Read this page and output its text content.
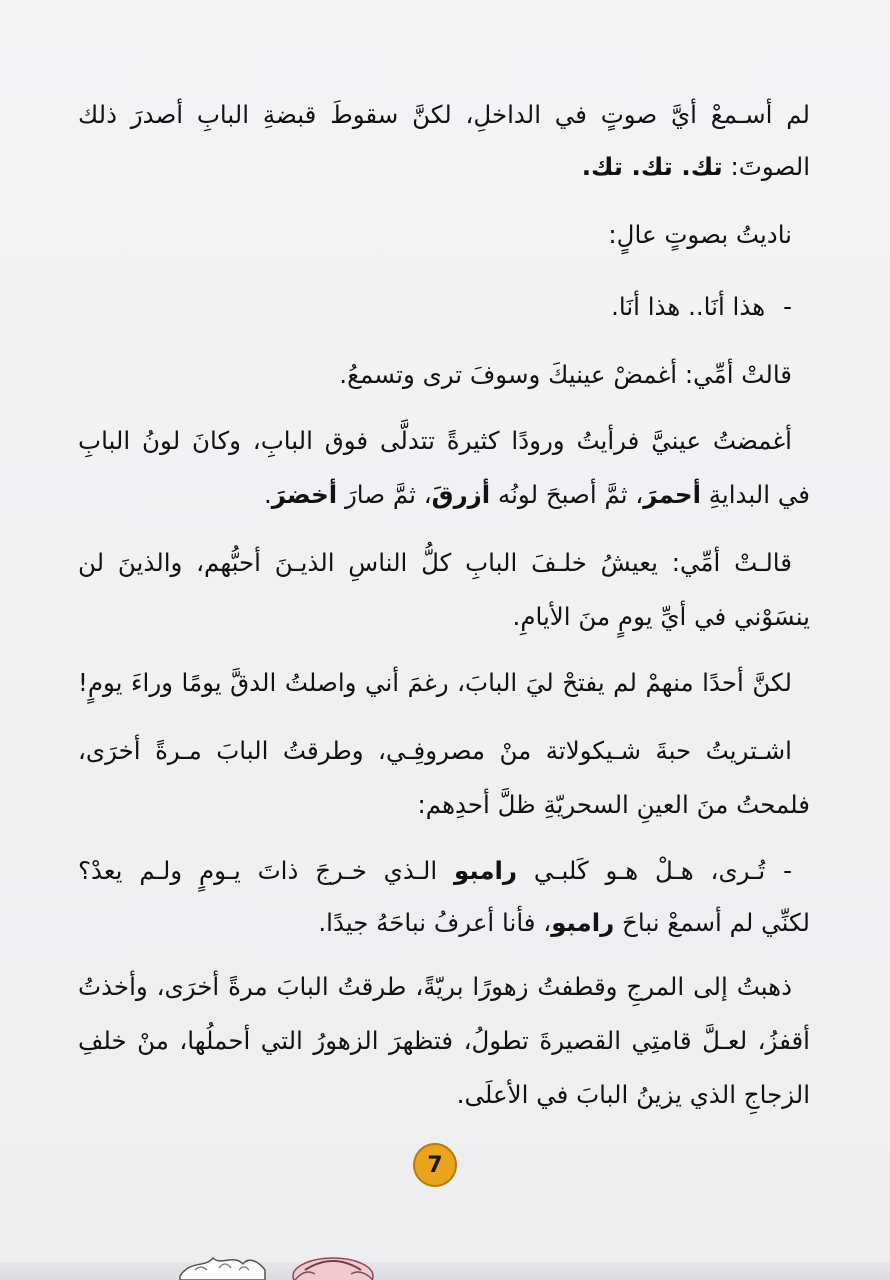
لم أسـمعْ أيَّ صوتٍ في الداخلِ، لكنَّ سقوطَ قبضةِ البابِ أصدرَ ذلك
الصوتَ: تك. تك. تك.
ناديتُ بصوتٍ عالٍ:
-هذا أنَا.. هذا أنَا.
قالتْ أمِّي: أغمضْ عينيكَ وسوفَ ترى وتسمعُ.
أغمضتُ عينيَّ فرأيتُ ورودًا كثيرةً تتدلَّى فوق البابِ، وكانَ لونُ البابِ
في البدايةِ أحمرَ، ثمَّ أصبحَ لونُه أزرقَ، ثمَّ صارَ أخضرَ.
قالـتْ أمِّي: يعيشُ خلـفَ البابِ كلُّ الناسِ الذيـنَ أحبُّهم، والذينَ لن
ينسَوْني في أيِّ يومٍ منَ الأيامِ.
لكنَّ أحدًا منهمْ لم يفتحْ ليَ البابَ، رغمَ أني واصلتُ الدقَّ يومًا وراءَ يومٍ!
اشـتريتُ حبةَ شـيكولاتة منْ مصروفِـي، وطرقتُ البابَ مـرةً أخرَى،
فلمحتُ منَ العينِ السحريّةِ ظلَّ أحدِهم:
-تُـرى، هـلْ هـو كَلبـي رامبو الـذي خـرجَ ذاتَ يـومٍ ولـم يعدْ؟
لكنِّي لم أسمعْ نباحَ رامبو، فأنا أعرفُ نباحَهُ جيدًا.
ذهبتُ إلى المرجِ وقطفتُ زهورًا بريّةً، طرقتُ البابَ مرةً أخرَى، وأخذتُ
أقفزُ، لعـلَّ قامتِي القصيرةَ تطولُ، فتظهرَ الزهورُ التي أحملُها، منْ خلفِ
الزجاجِ الذي يزينُ البابَ في الأعلَى.
7
